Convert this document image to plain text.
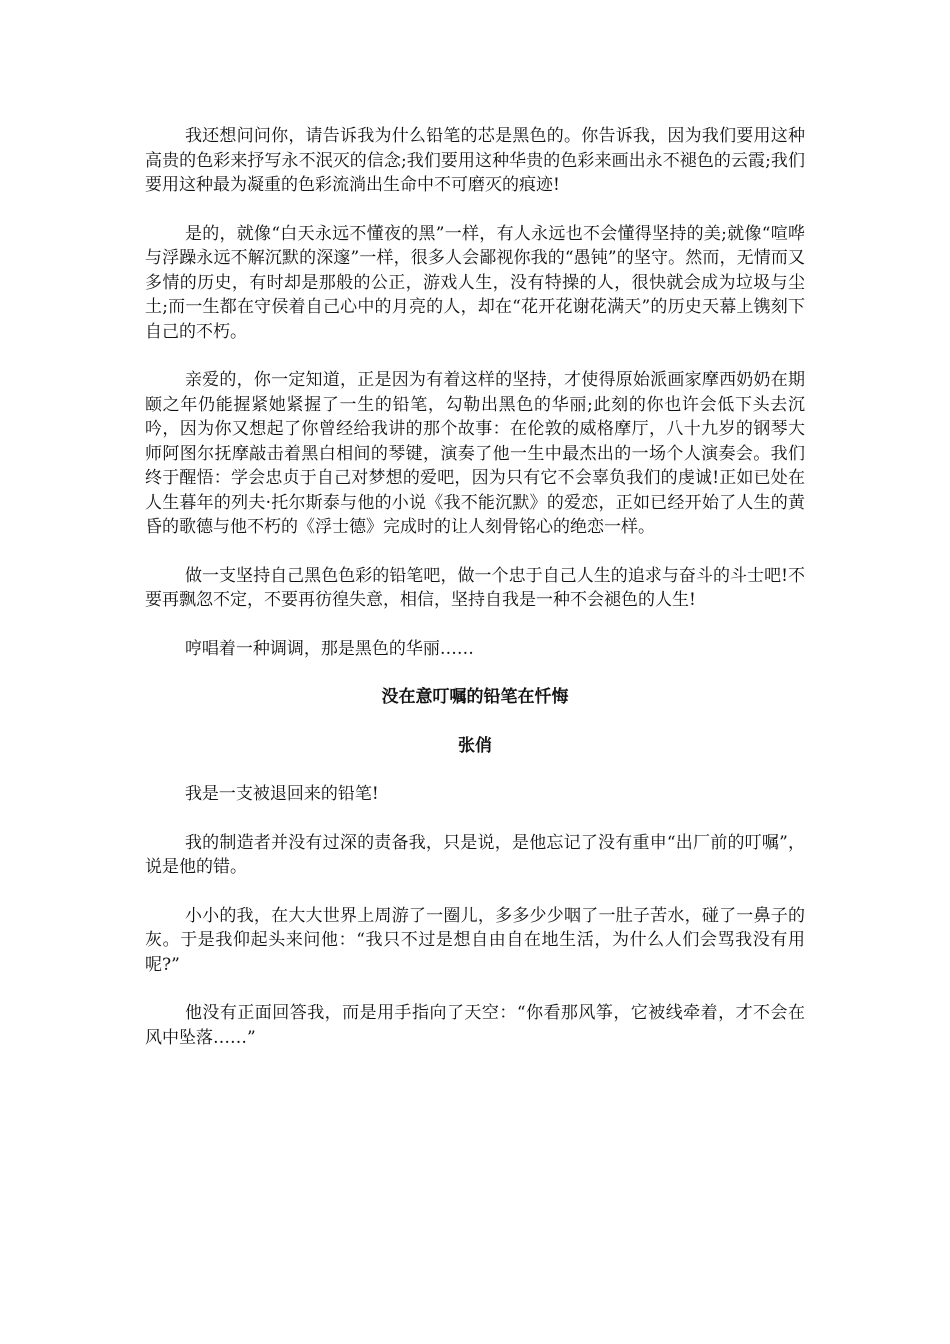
我还想问问你，请告诉我为什么铅笔的芯是黑色的。你告诉我，因为我们要用这种高贵的色彩来抒写永不泯灭的信念;我们要用这种华贵的色彩来画出永不褪色的云霞;我们要用这种最为凝重的色彩流淌出生命中不可磨灭的痕迹!

是的，就像“白天永远不懂夜的黑”一样，有人永远也不会懂得坚持的美;就像“喧哗与浮躁永远不解沉默的深邃”一样，很多人会鄙视你我的“愚钝”的坚守。然而，无情而又多情的历史，有时却是那般的公正，游戏人生，没有特操的人，很快就会成为垃圾与尘土;而一生都在守侯着自己心中的月亮的人，却在“花开花谢花满天”的历史天幕上镌刻下自己的不朽。

亲爱的，你一定知道，正是因为有着这样的坚持，才使得原始派画家摩西奶奶在期颐之年仍能握紧她紧握了一生的铅笔，勾勒出黑色的华丽;此刻的你也许会低下头去沉吟，因为你又想起了你曾经给我讲的那个故事：在伦敦的威格摩厅，八十九岁的钢琴大师阿图尔抚摩敲击着黑白相间的琴键，演奏了他一生中最杰出的一场个人演奏会。我们终于醒悟：学会忠贞于自己对梦想的爱吧，因为只有它不会辜负我们的虔诚!正如已处在人生暮年的列夫·托尔斯泰与他的小说《我不能沉默》的爱恋，正如已经开始了人生的黄昏的歌德与他不朽的《浮士德》完成时的让人刻骨铭心的绝恋一样。

做一支坚持自己黑色色彩的铅笔吧，做一个忠于自己人生的追求与奋斗的斗士吧!不要再飘忽不定，不要再彷徨失意，相信，坚持自我是一种不会褪色的人生!

哼唱着一种调调，那是黑色的华丽……

没在意叮嘱的铅笔在忏悔

张俏

我是一支被退回来的铅笔!

我的制造者并没有过深的责备我，只是说，是他忘记了没有重申“出厂前的叮嘱”，说是他的错。

小小的我，在大大世界上周游了一圈儿，多多少少咽了一肚子苦水，碰了一鼻子的灰。于是我仰起头来问他：“我只不过是想自由自在地生活，为什么人们会骂我没有用呢?”

他没有正面回答我，而是用手指向了天空：“你看那风筝，它被线牵着，才不会在风中坠落……”
